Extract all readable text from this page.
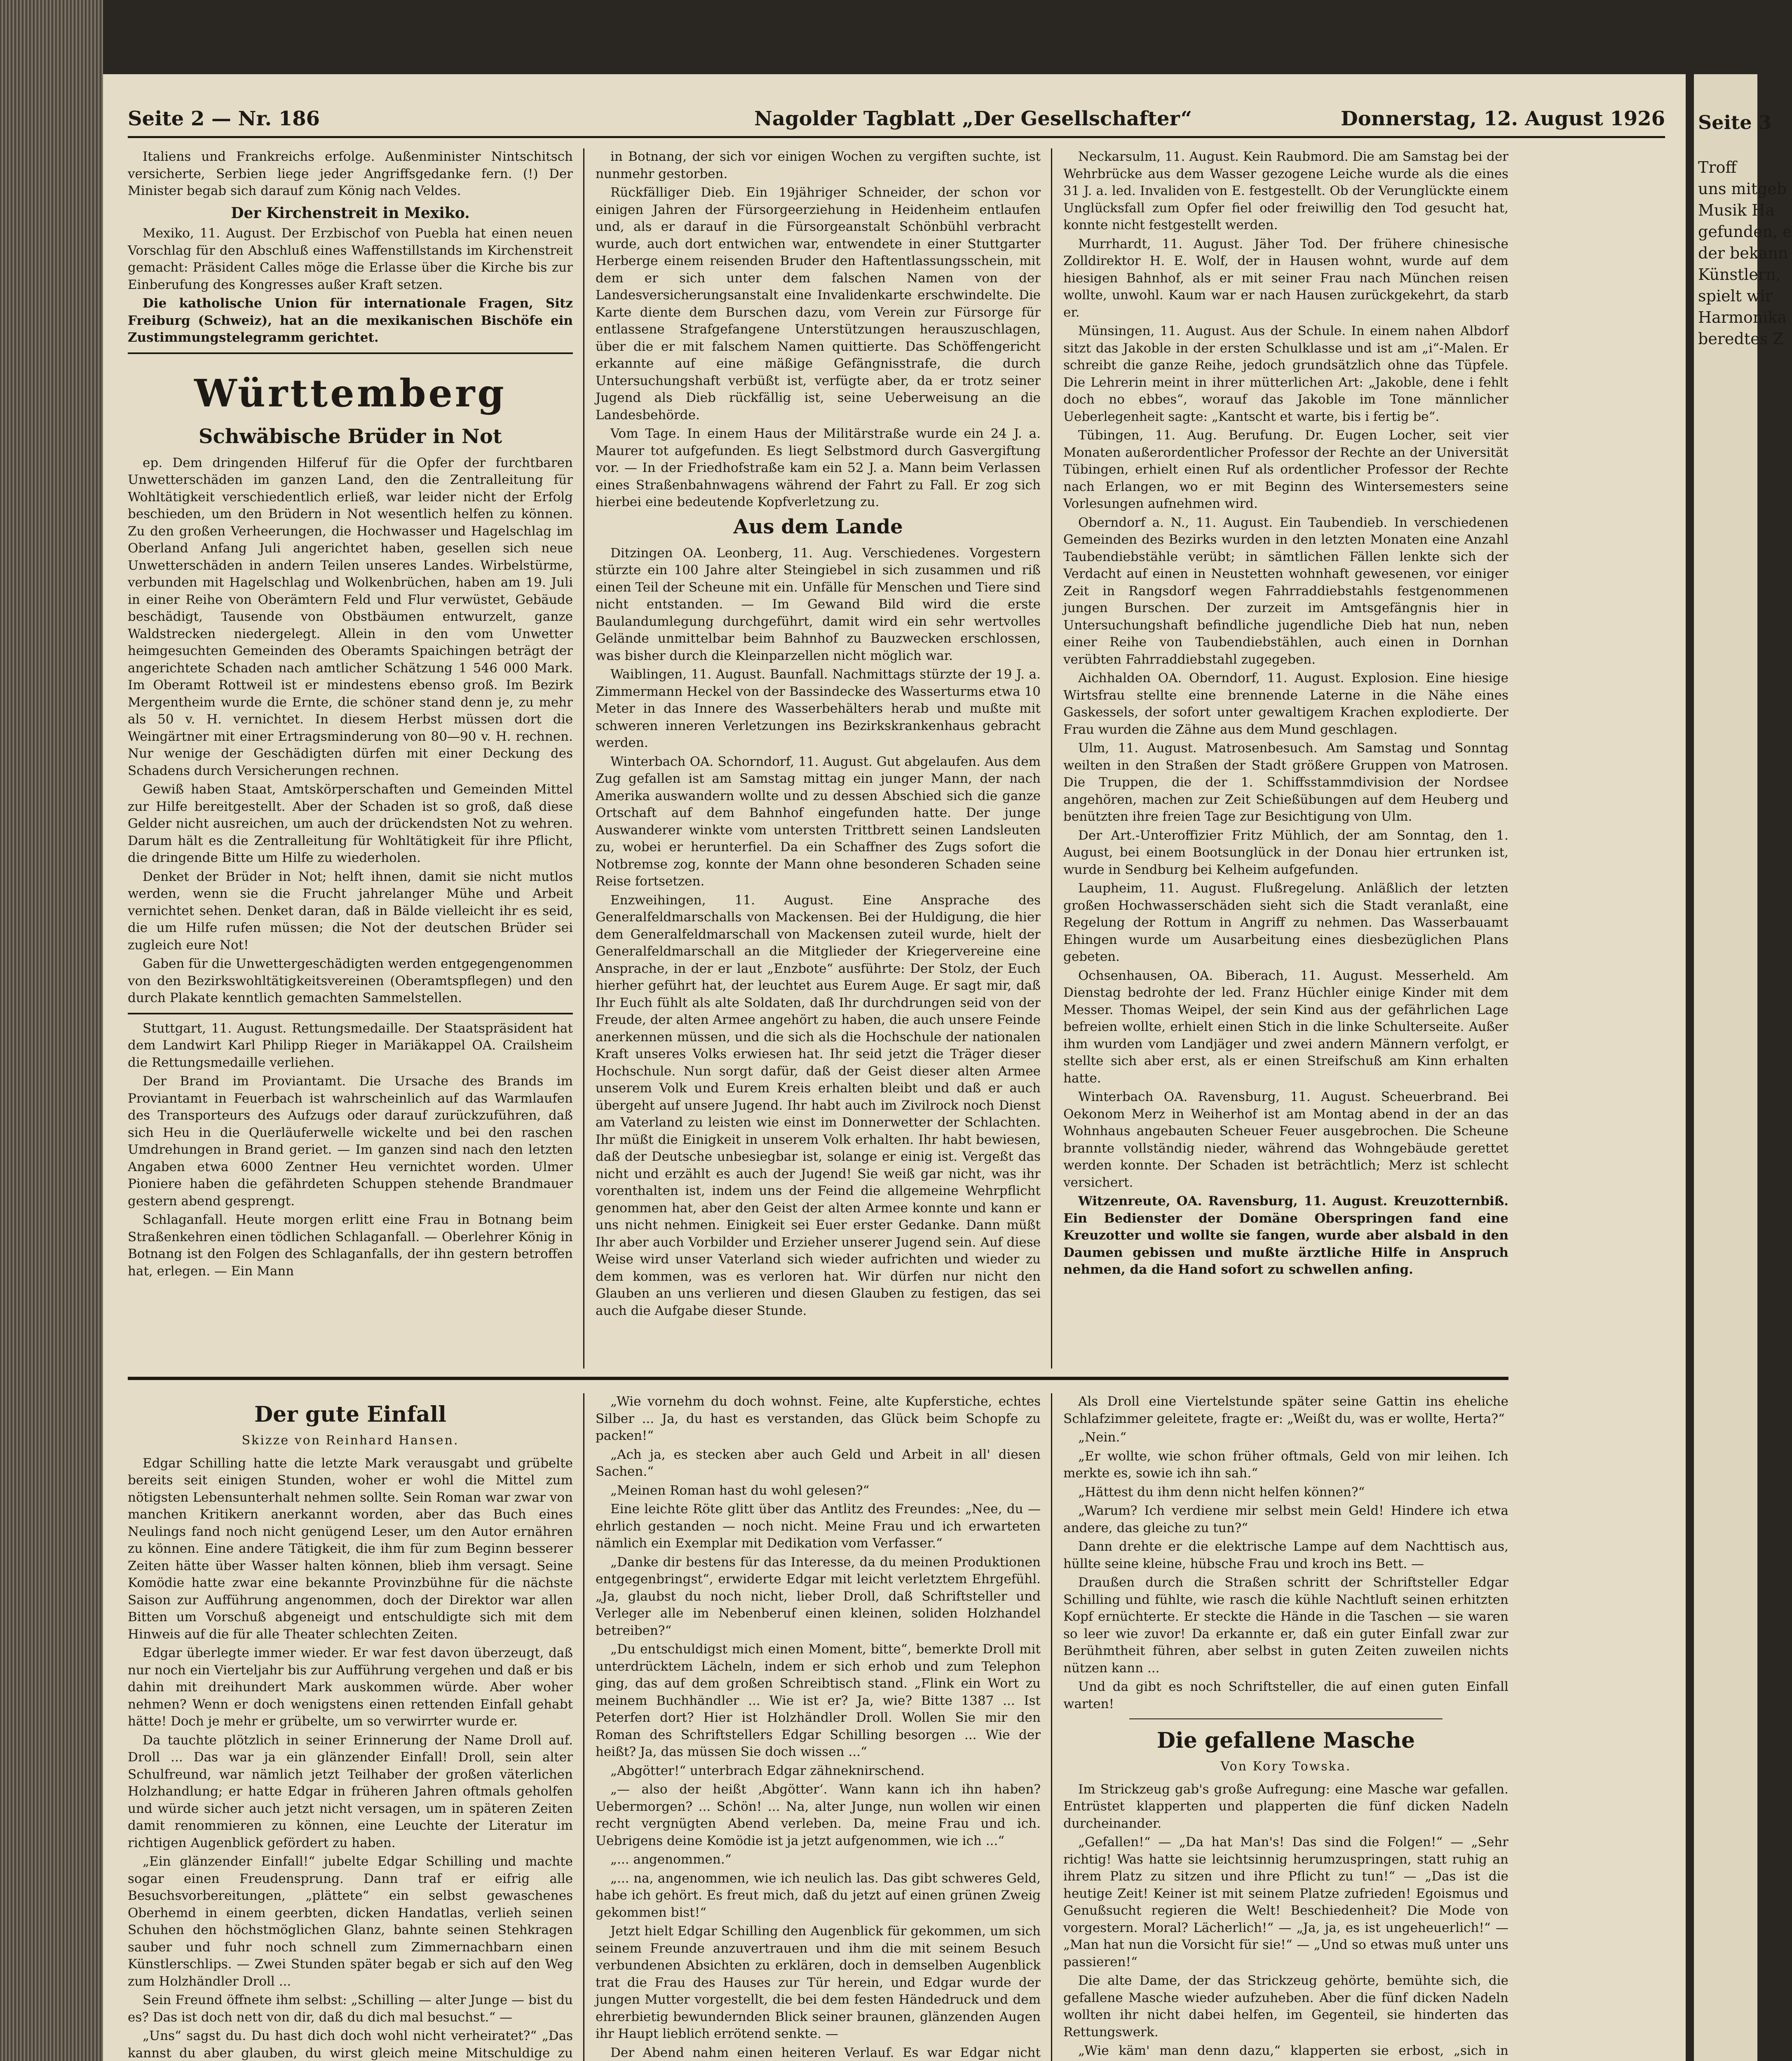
Seite 2 — Nr. 186	Nagolder Tagblatt „Der Gesellschafter“	Donnerstag, 12. August 1926

Italiens und Frankreichs erfolge. Außenminister Nintschitsch versicherte, Serbien liege jeder Angriffsgedanke fern. (!) Der Minister begab sich darauf zum König nach Veldes.

Der Kirchenstreit in Mexiko.

Mexiko, 11. August. Der Erzbischof von Puebla hat einen neuen Vorschlag für den Abschluß eines Waffenstillstands im Kirchenstreit gemacht: Präsident Calles möge die Erlasse über die Kirche bis zur Einberufung des Kongresses außer Kraft setzen.

Die katholische Union für internationale Fragen, Sitz Freiburg (Schweiz), hat an die mexikanischen Bischöfe ein Zustimmungstelegramm gerichtet.

Württemberg
Schwäbische Brüder in Not

ep. Dem dringenden Hilferuf für die Opfer der furchtbaren Unwetterschäden im ganzen Land, den die Zentralleitung für Wohltätigkeit verschiedentlich erließ, war leider nicht der Erfolg beschieden, um den Brüdern in Not wesentlich helfen zu können. Zu den großen Verheerungen, die Hochwasser und Hagelschlag im Oberland Anfang Juli angerichtet haben, gesellen sich neue Unwetterschäden in andern Teilen unseres Landes. Wirbelstürme, verbunden mit Hagelschlag und Wolkenbrüchen, haben am 19. Juli in einer Reihe von Oberämtern Feld und Flur verwüstet, Gebäude beschädigt, Tausende von Obstbäumen entwurzelt, ganze Waldstrecken niedergelegt. Allein in den vom Unwetter heimgesuchten Gemeinden des Oberamts Spaichingen beträgt der angerichtete Schaden nach amtlicher Schätzung 1 546 000 Mark. Im Oberamt Rottweil ist er mindestens ebenso groß. Im Bezirk Mergentheim wurde die Ernte, die schöner stand denn je, zu mehr als 50 v. H. vernichtet. In diesem Herbst müssen dort die Weingärtner mit einer Ertragsminderung von 80—90 v. H. rechnen. Nur wenige der Geschädigten dürfen mit einer Deckung des Schadens durch Versicherungen rechnen.

Gewiß haben Staat, Amtskörperschaften und Gemeinden Mittel zur Hilfe bereitgestellt. Aber der Schaden ist so groß, daß diese Gelder nicht ausreichen, um auch der drückendsten Not zu wehren. Darum hält es die Zentralleitung für Wohltätigkeit für ihre Pflicht, die dringende Bitte um Hilfe zu wiederholen.

Denket der Brüder in Not; helft ihnen, damit sie nicht mutlos werden, wenn sie die Frucht jahrelanger Mühe und Arbeit vernichtet sehen. Denket daran, daß in Bälde vielleicht ihr es seid, die um Hilfe rufen müssen; die Not der deutschen Brüder sei zugleich eure Not!

Gaben für die Unwettergeschädigten werden entgegengenommen von den Bezirkswohltätigkeitsvereinen (Oberamtspflegen) und den durch Plakate kenntlich gemachten Sammelstellen.

Stuttgart, 11. August. Rettungsmedaille. Der Staatspräsident hat dem Landwirt Karl Philipp Rieger in Mariäkappel OA. Crailsheim die Rettungsmedaille verliehen.

Der Brand im Proviantamt. Die Ursache des Brands im Proviantamt in Feuerbach ist wahrscheinlich auf das Warmlaufen des Transporteurs des Aufzugs oder darauf zurückzuführen, daß sich Heu in die Querläuferwelle wickelte und bei den raschen Umdrehungen in Brand geriet. — Im ganzen sind nach den letzten Angaben etwa 6000 Zentner Heu vernichtet worden. Ulmer Pioniere haben die gefährdeten Schuppen stehende Brandmauer gestern abend gesprengt.

Schlaganfall. Heute morgen erlitt eine Frau in Botnang beim Straßenkehren einen tödlichen Schlaganfall. — Oberlehrer König in Botnang ist den Folgen des Schlaganfalls, der ihn gestern betroffen hat, erlegen. — Ein Mann

in Botnang, der sich vor einigen Wochen zu vergiften suchte, ist nunmehr gestorben.

Rückfälliger Dieb. Ein 19jähriger Schneider, der schon vor einigen Jahren der Fürsorgeerziehung in Heidenheim entlaufen und, als er darauf in die Fürsorgeanstalt Schönbühl verbracht wurde, auch dort entwichen war, entwendete in einer Stuttgarter Herberge einem reisenden Bruder den Haftentlassungsschein, mit dem er sich unter dem falschen Namen von der Landesversicherungsanstalt eine Invalidenkarte erschwindelte. Die Karte diente dem Burschen dazu, vom Verein zur Fürsorge für entlassene Strafgefangene Unterstützungen herauszuschlagen, über die er mit falschem Namen quittierte. Das Schöffengericht erkannte auf eine mäßige Gefängnisstrafe, die durch Untersuchungshaft verbüßt ist, verfügte aber, da er trotz seiner Jugend als Dieb rückfällig ist, seine Ueberweisung an die Landesbehörde.

Vom Tage. In einem Haus der Militärstraße wurde ein 24 J. a. Maurer tot aufgefunden. Es liegt Selbstmord durch Gasvergiftung vor. — In der Friedhofstraße kam ein 52 J. a. Mann beim Verlassen eines Straßenbahnwagens während der Fahrt zu Fall. Er zog sich hierbei eine bedeutende Kopfverletzung zu.

Aus dem Lande

Ditzingen OA. Leonberg, 11. Aug. Verschiedenes. Vorgestern stürzte ein 100 Jahre alter Steingiebel in sich zusammen und riß einen Teil der Scheune mit ein. Unfälle für Menschen und Tiere sind nicht entstanden. — Im Gewand Bild wird die erste Baulandumlegung durchgeführt, damit wird ein sehr wertvolles Gelände unmittelbar beim Bahnhof zu Bauzwecken erschlossen, was bisher durch die Kleinparzellen nicht möglich war.

Waiblingen, 11. August. Baunfall. Nachmittags stürzte der 19 J. a. Zimmermann Heckel von der Bassindecke des Wasserturms etwa 10 Meter in das Innere des Wasserbehälters herab und mußte mit schweren inneren Verletzungen ins Bezirkskrankenhaus gebracht werden.

Winterbach OA. Schorndorf, 11. August. Gut abgelaufen. Aus dem Zug gefallen ist am Samstag mittag ein junger Mann, der nach Amerika auswandern wollte und zu dessen Abschied sich die ganze Ortschaft auf dem Bahnhof eingefunden hatte. Der junge Auswanderer winkte vom untersten Trittbrett seinen Landsleuten zu, wobei er herunterfiel. Da ein Schaffner des Zugs sofort die Notbremse zog, konnte der Mann ohne besonderen Schaden seine Reise fortsetzen.

Enzweihingen, 11. August. Eine Ansprache des Generalfeldmarschalls von Mackensen. Bei der Huldigung, die hier dem Generalfeldmarschall von Mackensen zuteil wurde, hielt der Generalfeldmarschall an die Mitglieder der Kriegervereine eine Ansprache, in der er laut „Enzbote“ ausführte: Der Stolz, der Euch hierher geführt hat, der leuchtet aus Eurem Auge. Er sagt mir, daß Ihr Euch fühlt als alte Soldaten, daß Ihr durchdrungen seid von der Freude, der alten Armee angehört zu haben, die auch unsere Feinde anerkennen müssen, und die sich als die Hochschule der nationalen Kraft unseres Volks erwiesen hat. Ihr seid jetzt die Träger dieser Hochschule. Nun sorgt dafür, daß der Geist dieser alten Armee unserem Volk und Eurem Kreis erhalten bleibt und daß er auch übergeht auf unsere Jugend. Ihr habt auch im Zivilrock noch Dienst am Vaterland zu leisten wie einst im Donnerwetter der Schlachten. Ihr müßt die Einigkeit in unserem Volk erhalten. Ihr habt bewiesen, daß der Deutsche unbesiegbar ist, solange er einig ist. Vergeßt das nicht und erzählt es auch der Jugend! Sie weiß gar nicht, was ihr vorenthalten ist, indem uns der Feind die allgemeine Wehrpflicht genommen hat, aber den Geist der alten Armee konnte und kann er uns nicht nehmen. Einigkeit sei Euer erster Gedanke. Dann müßt Ihr aber auch Vorbilder und Erzieher unserer Jugend sein. Auf diese Weise wird unser Vaterland sich wieder aufrichten und wieder zu dem kommen, was es verloren hat. Wir dürfen nur nicht den Glauben an uns verlieren und diesen Glauben zu festigen, das sei auch die Aufgabe dieser Stunde.

Neckarsulm, 11. August. Kein Raubmord. Die am Samstag bei der Wehrbrücke aus dem Wasser gezogene Leiche wurde als die eines 31 J. a. led. Invaliden von E. festgestellt. Ob der Verunglückte einem Unglücksfall zum Opfer fiel oder freiwillig den Tod gesucht hat, konnte nicht festgestellt werden.

Murrhardt, 11. August. Jäher Tod. Der frühere chinesische Zolldirektor H. E. Wolf, der in Hausen wohnt, wurde auf dem hiesigen Bahnhof, als er mit seiner Frau nach München reisen wollte, unwohl. Kaum war er nach Hausen zurückgekehrt, da starb er.

Münsingen, 11. August. Aus der Schule. In einem nahen Albdorf sitzt das Jakoble in der ersten Schulklasse und ist am „i“-Malen. Er schreibt die ganze Reihe, jedoch grundsätzlich ohne das Tüpfele. Die Lehrerin meint in ihrer mütterlichen Art: „Jakoble, dene i fehlt doch no ebbes“, worauf das Jakoble im Tone männlicher Ueberlegenheit sagte: „Kantscht et warte, bis i fertig be“.

Tübingen, 11. Aug. Berufung. Dr. Eugen Locher, seit vier Monaten außerordentlicher Professor der Rechte an der Universität Tübingen, erhielt einen Ruf als ordentlicher Professor der Rechte nach Erlangen, wo er mit Beginn des Wintersemesters seine Vorlesungen aufnehmen wird.

Oberndorf a. N., 11. August. Ein Taubendieb. In verschiedenen Gemeinden des Bezirks wurden in den letzten Monaten eine Anzahl Taubendiebstähle verübt; in sämtlichen Fällen lenkte sich der Verdacht auf einen in Neustetten wohnhaft gewesenen, vor einiger Zeit in Rangsdorf wegen Fahrraddiebstahls festgenommenen jungen Burschen. Der zurzeit im Amtsgefängnis hier in Untersuchungshaft befindliche jugendliche Dieb hat nun, neben einer Reihe von Taubendiebstählen, auch einen in Dornhan verübten Fahrraddiebstahl zugegeben.

Aichhalden OA. Oberndorf, 11. August. Explosion. Eine hiesige Wirtsfrau stellte eine brennende Laterne in die Nähe eines Gaskessels, der sofort unter gewaltigem Krachen explodierte. Der Frau wurden die Zähne aus dem Mund geschlagen.

Ulm, 11. August. Matrosenbesuch. Am Samstag und Sonntag weilten in den Straßen der Stadt größere Gruppen von Matrosen. Die Truppen, die der 1. Schiffsstammdivision der Nordsee angehören, machen zur Zeit Schießübungen auf dem Heuberg und benützten ihre freien Tage zur Besichtigung von Ulm.

Der Art.-Unteroffizier Fritz Mühlich, der am Sonntag, den 1. August, bei einem Bootsunglück in der Donau hier ertrunken ist, wurde in Sendburg bei Kelheim aufgefunden.

Laupheim, 11. August. Flußregelung. Anläßlich der letzten großen Hochwasserschäden sieht sich die Stadt veranlaßt, eine Regelung der Rottum in Angriff zu nehmen. Das Wasserbauamt Ehingen wurde um Ausarbeitung eines diesbezüglichen Plans gebeten.

Ochsenhausen, OA. Biberach, 11. August. Messerheld. Am Dienstag bedrohte der led. Franz Hüchler einige Kinder mit dem Messer. Thomas Weipel, der sein Kind aus der gefährlichen Lage befreien wollte, erhielt einen Stich in die linke Schulterseite. Außer ihm wurden vom Landjäger und zwei andern Männern verfolgt, er stellte sich aber erst, als er einen Streifschuß am Kinn erhalten hatte.

Winterbach OA. Ravensburg, 11. August. Scheuerbrand. Bei Oekonom Merz in Weiherhof ist am Montag abend in der an das Wohnhaus angebauten Scheuer Feuer ausgebrochen. Die Scheune brannte vollständig nieder, während das Wohngebäude gerettet werden konnte. Der Schaden ist beträchtlich; Merz ist schlecht versichert.

Witzenreute, OA. Ravensburg, 11. August. Kreuzotternbiß. Ein Bedienster der Domäne Oberspringen fand eine Kreuzotter und wollte sie fangen, wurde aber alsbald in den Daumen gebissen und mußte ärztliche Hilfe in Anspruch nehmen, da die Hand sofort zu schwellen anfing.

Der gute Einfall
Skizze von Reinhard Hansen.

Edgar Schilling hatte die letzte Mark verausgabt und grübelte bereits seit einigen Stunden, woher er wohl die Mittel zum nötigsten Lebensunterhalt nehmen sollte. Sein Roman war zwar von manchen Kritikern anerkannt worden, aber das Buch eines Neulings fand noch nicht genügend Leser, um den Autor ernähren zu können. Eine andere Tätigkeit, die ihm für zum Beginn besserer Zeiten hätte über Wasser halten können, blieb ihm versagt. Seine Komödie hatte zwar eine bekannte Provinzbühne für die nächste Saison zur Aufführung angenommen, doch der Direktor war allen Bitten um Vorschuß abgeneigt und entschuldigte sich mit dem Hinweis auf die für alle Theater schlechten Zeiten.

Edgar überlegte immer wieder. Er war fest davon überzeugt, daß nur noch ein Vierteljahr bis zur Aufführung vergehen und daß er bis dahin mit dreihundert Mark auskommen würde. Aber woher nehmen? Wenn er doch wenigstens einen rettenden Einfall gehabt hätte! Doch je mehr er grübelte, um so verwirrter wurde er.

Da tauchte plötzlich in seiner Erinnerung der Name Droll auf. Droll ... Das war ja ein glänzender Einfall! Droll, sein alter Schulfreund, war nämlich jetzt Teilhaber der großen väterlichen Holzhandlung; er hatte Edgar in früheren Jahren oftmals geholfen und würde sicher auch jetzt nicht versagen, um in späteren Zeiten damit renommieren zu können, eine Leuchte der Literatur im richtigen Augenblick gefördert zu haben.

„Ein glänzender Einfall!“ jubelte Edgar Schilling und machte sogar einen Freudensprung. Dann traf er eifrig alle Besuchsvorbereitungen, „plättete“ ein selbst gewaschenes Oberhemd in einem geerbten, dicken Handatlas, verlieh seinen Schuhen den höchstmöglichen Glanz, bahnte seinen Stehkragen sauber und fuhr noch schnell zum Zimmernachbarn einen Künstlerschlips. — Zwei Stunden später begab er sich auf den Weg zum Holzhändler Droll ...

Sein Freund öffnete ihm selbst: „Schilling — alter Junge — bist du es? Das ist doch nett von dir, daß du dich mal besuchst.“ —

„Uns“ sagst du. Du hast dich doch wohl nicht verheiratet?“ „Das kannst du aber glauben, du wirst gleich meine Mitschuldige zu

„Wie vornehm du doch wohnst. Feine, alte Kupferstiche, echtes Silber ... Ja, du hast es verstanden, das Glück beim Schopfe zu packen!“

„Ach ja, es stecken aber auch Geld und Arbeit in all' diesen Sachen.“

„Meinen Roman hast du wohl gelesen?“

Eine leichte Röte glitt über das Antlitz des Freundes: „Nee, du — ehrlich gestanden — noch nicht. Meine Frau und ich erwarteten nämlich ein Exemplar mit Dedikation vom Verfasser.“

„Danke dir bestens für das Interesse, da du meinen Produktionen entgegenbringst“, erwiderte Edgar mit leicht verletztem Ehrgefühl. „Ja, glaubst du noch nicht, lieber Droll, daß Schriftsteller und Verleger alle im Nebenberuf einen kleinen, soliden Holzhandel betreiben?“

„Du entschuldigst mich einen Moment, bitte“, bemerkte Droll mit unterdrücktem Lächeln, indem er sich erhob und zum Telephon ging, das auf dem großen Schreibtisch stand. „Flink ein Wort zu meinem Buchhändler ... Wie ist er? Ja, wie? Bitte 1387 ... Ist Peterfen dort? Hier ist Holzhändler Droll. Wollen Sie mir den Roman des Schriftstellers Edgar Schilling besorgen ... Wie der heißt? Ja, das müssen Sie doch wissen ...“

„Abgötter!“ unterbrach Edgar zähneknirschend.

„— also der heißt ‚Abgötter‘. Wann kann ich ihn haben? Uebermorgen? ... Schön! ... Na, alter Junge, nun wollen wir einen recht vergnügten Abend verleben. Da, meine Frau und ich. Uebrigens deine Komödie ist ja jetzt aufgenommen, wie ich ...“

„... angenommen.“

„... na, angenommen, wie ich neulich las. Das gibt schweres Geld, habe ich gehört. Es freut mich, daß du jetzt auf einen grünen Zweig gekommen bist!“

Jetzt hielt Edgar Schilling den Augenblick für gekommen, um sich seinem Freunde anzuvertrauen und ihm die mit seinem Besuch verbundenen Absichten zu erklären, doch in demselben Augenblick trat die Frau des Hauses zur Tür herein, und Edgar wurde der jungen Mutter vorgestellt, die bei dem festen Händedruck und dem ehrerbietig bewundernden Blick seiner braunen, glänzenden Augen ihr Haupt lieblich errötend senkte. —

Der Abend nahm einen heiteren Verlauf. Es war Edgar nicht

Als Droll eine Viertelstunde später seine Gattin ins eheliche Schlafzimmer geleitete, fragte er: „Weißt du, was er wollte, Herta?“

„Nein.“

„Er wollte, wie schon früher oftmals, Geld von mir leihen. Ich merkte es, sowie ich ihn sah.“

„Hättest du ihm denn nicht helfen können?“

„Warum? Ich verdiene mir selbst mein Geld! Hindere ich etwa andere, das gleiche zu tun?“

Dann drehte er die elektrische Lampe auf dem Nachttisch aus, hüllte seine kleine, hübsche Frau und kroch ins Bett. —

Draußen durch die Straßen schritt der Schriftsteller Edgar Schilling und fühlte, wie rasch die kühle Nachtluft seinen erhitzten Kopf ernüchterte. Er steckte die Hände in die Taschen — sie waren so leer wie zuvor! Da erkannte er, daß ein guter Einfall zwar zur Berühmtheit führen, aber selbst in guten Zeiten zuweilen nichts nützen kann ...

Und da gibt es noch Schriftsteller, die auf einen guten Einfall warten!

Die gefallene Masche
Von Kory Towska.

Im Strickzeug gab's große Aufregung: eine Masche war gefallen. Entrüstet klapperten und plapperten die fünf dicken Nadeln durcheinander.

„Gefallen!“ — „Da hat Man's! Das sind die Folgen!“ — „Sehr richtig! Was hatte sie leichtsinnig herumzuspringen, statt ruhig an ihrem Platz zu sitzen und ihre Pflicht zu tun!“ — „Das ist die heutige Zeit! Keiner ist mit seinem Platze zufrieden! Egoismus und Genußsucht regieren die Welt! Beschiedenheit? Die Mode von vorgestern. Moral? Lächerlich!“ — „Ja, ja, es ist ungeheuerlich!“ — „Man hat nun die Vorsicht für sie!“ — „Und so etwas muß unter uns passieren!“

Die alte Dame, der das Strickzeug gehörte, bemühte sich, die gefallene Masche wieder aufzuheben. Aber die fünf dicken Nadeln wollten ihr nicht dabei helfen, im Gegenteil, sie hinderten das Rettungswerk.

„Wie käm' man denn dazu,“ klapperten sie erbost, „sich in

Seite 3
Troff
uns mitgeb
Musik Ha
gefunden, e
der bekann
Künstlern,
spielt wir
Harmonika
beredtes Z
